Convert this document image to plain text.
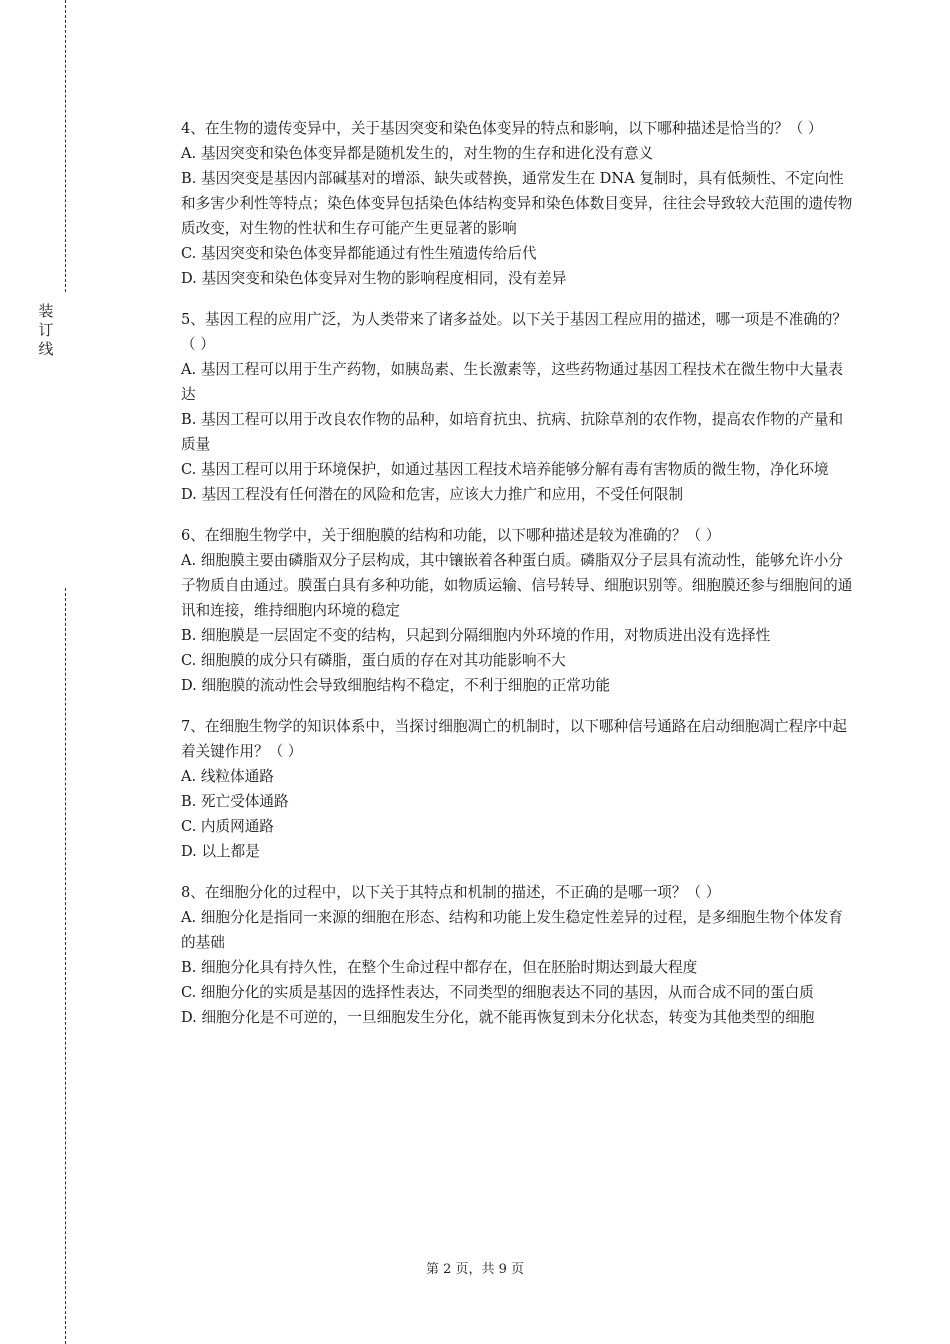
装
订
线

4、在生物的遗传变异中，关于基因突变和染色体变异的特点和影响，以下哪种描述是恰当的？（ ）

A. 基因突变和染色体变异都是随机发生的，对生物的生存和进化没有意义

B. 基因突变是基因内部碱基对的增添、缺失或替换，通常发生在 DNA 复制时，具有低频性、不定向性和多害少利性等特点；染色体变异包括染色体结构变异和染色体数目变异，往往会导致较大范围的遗传物质改变，对生物的性状和生存可能产生更显著的影响

C. 基因突变和染色体变异都能通过有性生殖遗传给后代

D. 基因突变和染色体变异对生物的影响程度相同，没有差异

5、基因工程的应用广泛，为人类带来了诸多益处。以下关于基因工程应用的描述，哪一项是不准确的？（ ）

A. 基因工程可以用于生产药物，如胰岛素、生长激素等，这些药物通过基因工程技术在微生物中大量表达

B. 基因工程可以用于改良农作物的品种，如培育抗虫、抗病、抗除草剂的农作物，提高农作物的产量和质量

C. 基因工程可以用于环境保护，如通过基因工程技术培养能够分解有毒有害物质的微生物，净化环境

D. 基因工程没有任何潜在的风险和危害，应该大力推广和应用，不受任何限制

6、在细胞生物学中，关于细胞膜的结构和功能，以下哪种描述是较为准确的？（ ）

A. 细胞膜主要由磷脂双分子层构成，其中镶嵌着各种蛋白质。磷脂双分子层具有流动性，能够允许小分子物质自由通过。膜蛋白具有多种功能，如物质运输、信号转导、细胞识别等。细胞膜还参与细胞间的通讯和连接，维持细胞内环境的稳定

B. 细胞膜是一层固定不变的结构，只起到分隔细胞内外环境的作用，对物质进出没有选择性

C. 细胞膜的成分只有磷脂，蛋白质的存在对其功能影响不大

D. 细胞膜的流动性会导致细胞结构不稳定，不利于细胞的正常功能

7、在细胞生物学的知识体系中，当探讨细胞凋亡的机制时，以下哪种信号通路在启动细胞凋亡程序中起着关键作用？（ ）

A. 线粒体通路

B. 死亡受体通路

C. 内质网通路

D. 以上都是

8、在细胞分化的过程中，以下关于其特点和机制的描述，不正确的是哪一项？（ ）

A. 细胞分化是指同一来源的细胞在形态、结构和功能上发生稳定性差异的过程，是多细胞生物个体发育的基础

B. 细胞分化具有持久性，在整个生命过程中都存在，但在胚胎时期达到最大程度

C. 细胞分化的实质是基因的选择性表达，不同类型的细胞表达不同的基因，从而合成不同的蛋白质

D. 细胞分化是不可逆的，一旦细胞发生分化，就不能再恢复到未分化状态，转变为其他类型的细胞

第 2 页，共 9 页
